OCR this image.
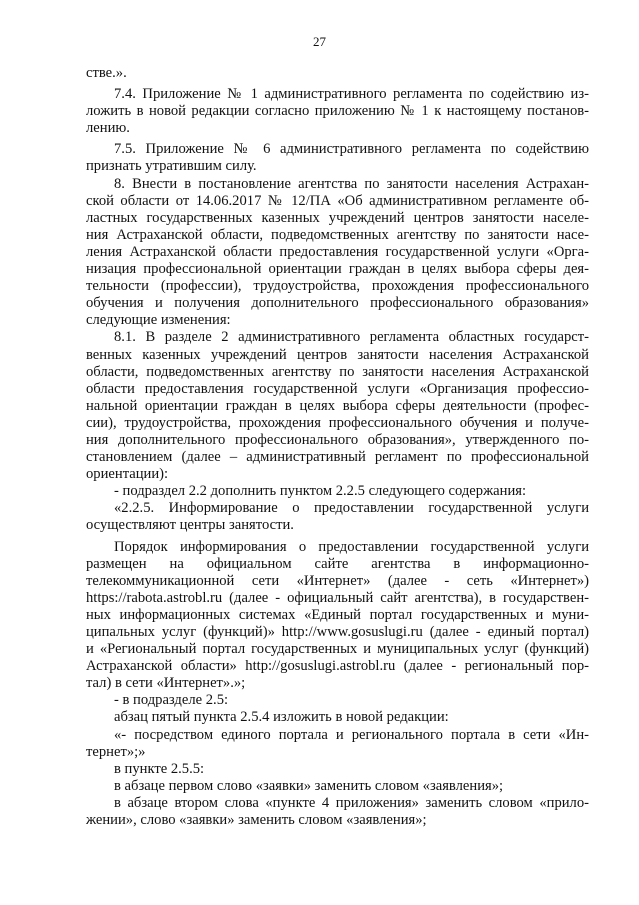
27
стве.».
7.4. Приложение № 1 административного регламента по содействию из-
ложить в новой редакции согласно приложению № 1 к настоящему постанов-
лению.
7.5. Приложение № 6 административного регламента по содействию
признать утратившим силу.
8. Внести в постановление агентства по занятости населения Астрахан-
ской области от 14.06.2017 № 12/ПА «Об административном регламенте об-
ластных государственных казенных учреждений центров занятости населе-
ния Астраханской области, подведомственных агентству по занятости насе-
ления Астраханской области предоставления государственной услуги «Орга-
низация профессиональной ориентации граждан в целях выбора сферы дея-
тельности (профессии), трудоустройства, прохождения профессионального
обучения и получения дополнительного профессионального образования»
следующие изменения:
8.1. В разделе 2 административного регламента областных государст-
венных казенных учреждений центров занятости населения Астраханской
области, подведомственных агентству по занятости населения Астраханской
области предоставления государственной услуги «Организация профессио-
нальной ориентации граждан в целях выбора сферы деятельности (профес-
сии), трудоустройства, прохождения профессионального обучения и получе-
ния дополнительного профессионального образования», утвержденного по-
становлением (далее – административный регламент по профессиональной
ориентации):
- подраздел 2.2 дополнить пунктом 2.2.5 следующего содержания:
«2.2.5. Информирование о предоставлении государственной услуги
осуществляют центры занятости.
Порядок информирования о предоставлении государственной услуги
размещен на официальном сайте агентства в информационно-
телекоммуникационной сети «Интернет» (далее - сеть «Интернет»)
https://rabota.astrobl.ru (далее - официальный сайт агентства), в государствен-
ных информационных системах «Единый портал государственных и муни-
ципальных услуг (функций)» http://www.gosuslugi.ru (далее - единый портал)
и «Региональный портал государственных и муниципальных услуг (функций)
Астраханской области» http://gosuslugi.astrobl.ru (далее - региональный пор-
тал) в сети «Интернет».»;
- в подразделе 2.5:
абзац пятый пункта 2.5.4 изложить в новой редакции:
«- посредством единого портала и регионального портала в сети «Ин-
тернет»;»
в пункте 2.5.5:
в абзаце первом слово «заявки» заменить словом «заявления»;
в абзаце втором слова «пункте 4 приложения» заменить словом «прило-
жении», слово «заявки» заменить словом «заявления»;
